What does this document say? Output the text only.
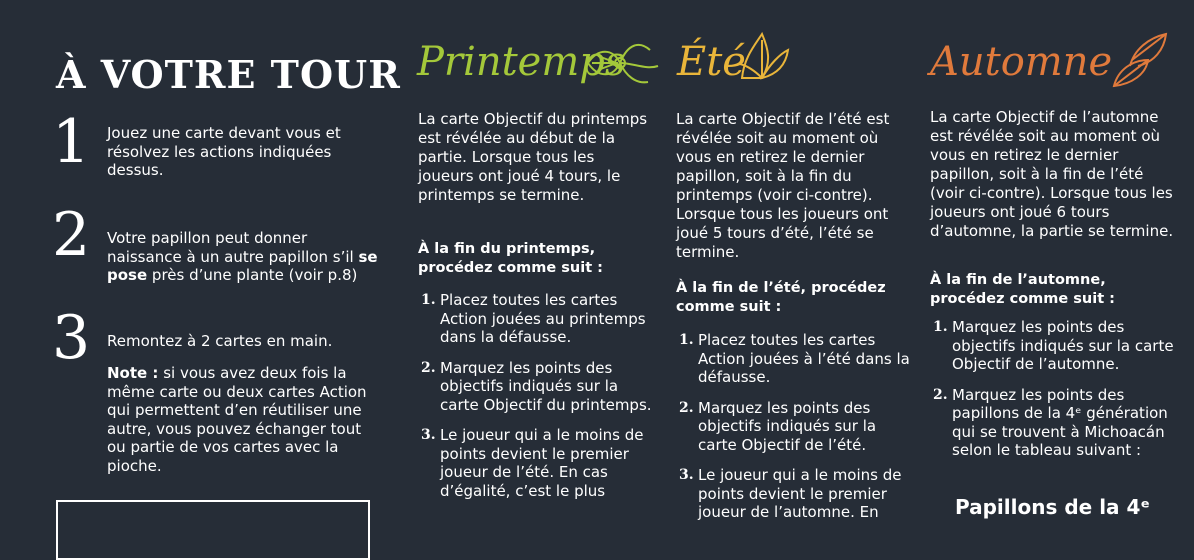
À VOTRE TOUR
1 Jouez une carte devant vous et résolvez les actions indiquées dessus.
2 Votre papillon peut donner naissance à un autre papillon s’il se pose près d’une plante (voir p.8)
3 Remontez à 2 cartes en main.
Note : si vous avez deux fois la même carte ou deux cartes Action qui permettent d’en réutiliser une autre, vous pouvez échanger tout ou partie de vos cartes avec la pioche.
Printemps
La carte Objectif du printemps est révélée au début de la partie. Lorsque tous les joueurs ont joué 4 tours, le printemps se termine.
À la fin du printemps, procédez comme suit :
1. Placez toutes les cartes Action jouées au printemps dans la défausse.
2. Marquez les points des objectifs indiqués sur la carte Objectif du printemps.
3. Le joueur qui a le moins de points devient le premier joueur de l’été. En cas d’égalité, c’est le plus
Été
La carte Objectif de l’été est révélée soit au moment où vous en retirez le dernier papillon, soit à la fin du printemps (voir ci-contre). Lorsque tous les joueurs ont joué 5 tours d’été, l’été se termine.
À la fin de l’été, procédez comme suit :
1. Placez toutes les cartes Action jouées à l’été dans la défausse.
2. Marquez les points des objectifs indiqués sur la carte Objectif de l’été.
3. Le joueur qui a le moins de points devient le premier joueur de l’automne. En
Automne
La carte Objectif de l’automne est révélée soit au moment où vous en retirez le dernier papillon, soit à la fin de l’été (voir ci-contre). Lorsque tous les joueurs ont joué 6 tours d’automne, la partie se termine.
À la fin de l’automne, procédez comme suit :
1. Marquez les points des objectifs indiqués sur la carte Objectif de l’automne.
2. Marquez les points des papillons de la 4ᵉ génération qui se trouvent à Michoacán selon le tableau suivant :
Papillons de la 4ᵉ
